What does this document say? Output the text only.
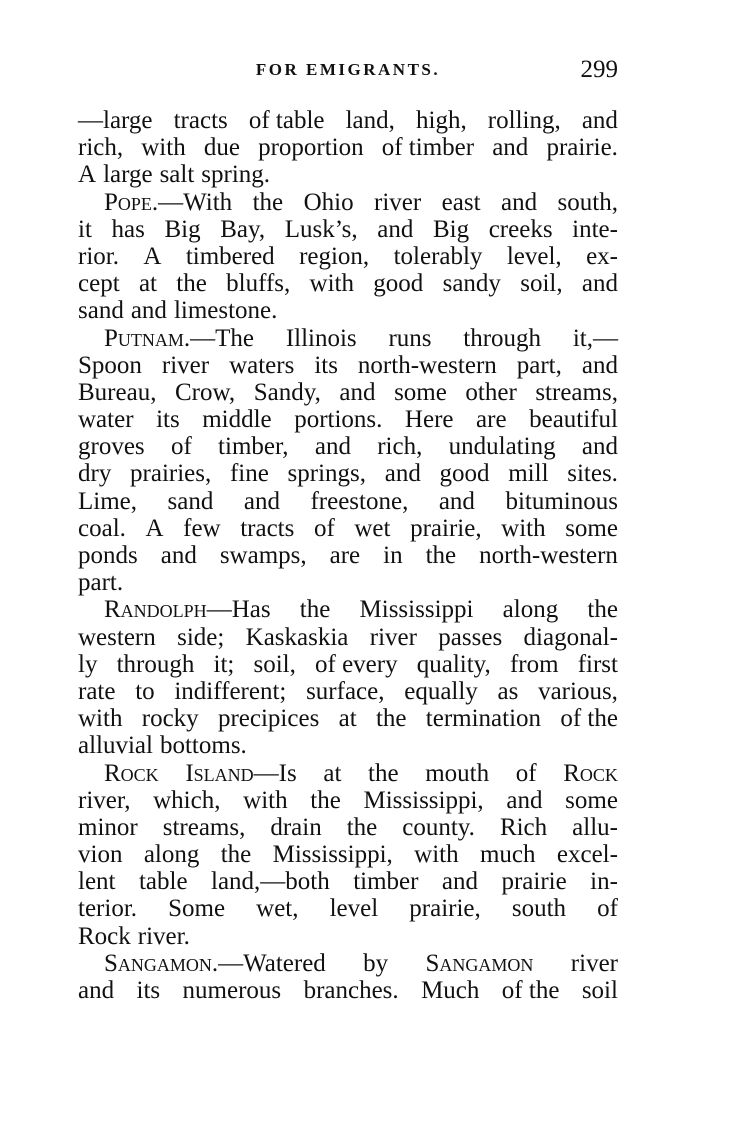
FOR EMIGRANTS.	299
—large tracts of table land, high, rolling, and
rich, with due proportion of timber and prairie.
A large salt spring.
Pope.—With the Ohio river east and south,
it has Big Bay, Lusk’s, and Big creeks inte-
rior. A timbered region, tolerably level, ex-
cept at the bluffs, with good sandy soil, and
sand and limestone.
Putnam.—The Illinois runs through it,—
Spoon river waters its north-western part, and
Bureau, Crow, Sandy, and some other streams,
water its middle portions. Here are beautiful
groves of timber, and rich, undulating and
dry prairies, fine springs, and good mill sites.
Lime, sand and freestone, and bituminous
coal. A few tracts of wet prairie, with some
ponds and swamps, are in the north-western
part.
Randolph—Has the Mississippi along the
western side; Kaskaskia river passes diagonal-
ly through it; soil, of every quality, from first
rate to indifferent; surface, equally as various,
with rocky precipices at the termination of the
alluvial bottoms.
Rock Island—Is at the mouth of Rock
river, which, with the Mississippi, and some
minor streams, drain the county. Rich allu-
vion along the Mississippi, with much excel-
lent table land,—both timber and prairie in-
terior. Some wet, level prairie, south of
Rock river.
Sangamon.—Watered by Sangamon river
and its numerous branches. Much of the soil
